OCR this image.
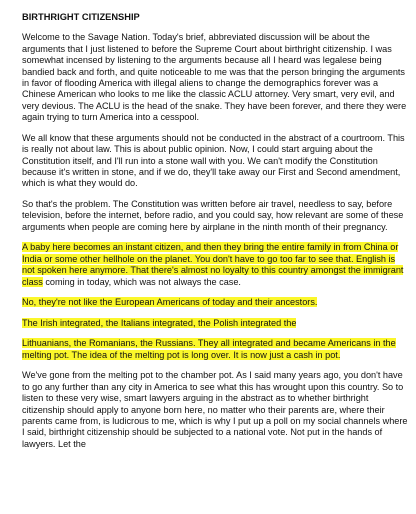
BIRTHRIGHT CITIZENSHIP

Welcome to the Savage Nation. Today's brief, abbreviated discussion will be about the arguments that I just listened to before the Supreme Court about birthright citizenship. I was somewhat incensed by listening to the arguments because all I heard was legalese being bandied back and forth, and quite noticeable to me was that the person bringing the arguments in favor of flooding America with illegal aliens to change the demographics forever was a Chinese American who looks to me like the classic ACLU attorney. Very smart, very evil, and very devious. The ACLU is the head of the snake. They have been forever, and there they were again trying to turn America into a cesspool.

We all know that these arguments should not be conducted in the abstract of a courtroom. This is really not about law. This is about public opinion. Now, I could start arguing about the Constitution itself, and I'll run into a stone wall with you. We can't modify the Constitution because it's written in stone, and if we do, they'll take away our First and Second amendment, which is what they would do.

So that's the problem. The Constitution was written before air travel, needless to say, before television, before the internet, before radio, and you could say, how relevant are some of these arguments when people are coming here by airplane in the ninth month of their pregnancy.

A baby here becomes an instant citizen, and then they bring the entire family in from China or India or some other hellhole on the planet. You don't have to go too far to see that. English is not spoken here anymore. That there's almost no loyalty to this country amongst the immigrant class coming in today, which was not always the case.

No, they're not like the European Americans of today and their ancestors.

The Irish integrated, the Italians integrated, the Polish integrated the

Lithuanians, the Romanians, the Russians. They all integrated and became Americans in the melting pot. The idea of the melting pot is long over. It is now just a cash in pot.

We've gone from the melting pot to the chamber pot. As I said many years ago, you don't have to go any further than any city in America to see what this has wrought upon this country. So to listen to these very wise, smart lawyers arguing in the abstract as to whether birthright citizenship should apply to anyone born here, no matter who their parents are, where their parents came from, is ludicrous to me, which is why I put up a poll on my social channels where I said, birthright citizenship should be subjected to a national vote. Not put in the hands of lawyers. Let the
